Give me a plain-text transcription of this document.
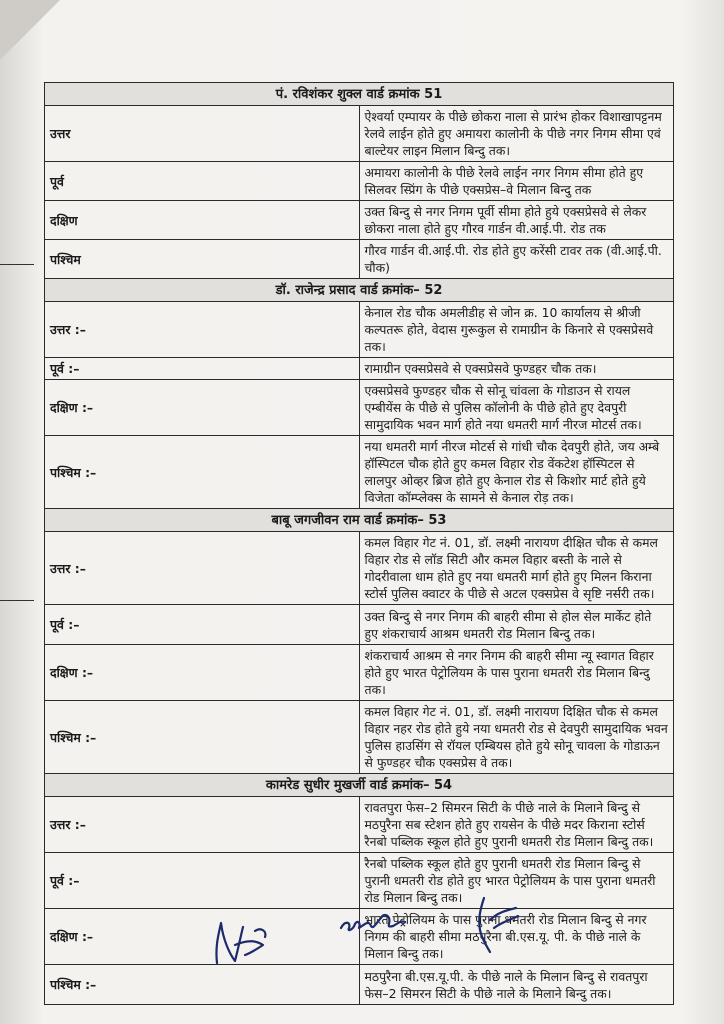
पं. रविशंकर शुक्ल वार्ड क्रमांक 51	
उत्तर	ऐश्वर्या एम्पायर के पीछे छोकरा नाला से प्रारंभ होकर विशाखापट्टनम रेलवे लाईन होते हुए अमायरा कालोनी के पीछे नगर निगम सीमा एवं बाल्टेयर लाइन मिलान बिन्दु तक।
पूर्व	अमायरा कालोनी के पीछे रेलवे लाईन नगर निगम सीमा होते हुए सिलवर स्प्रिंग के पीछे एक्सप्रेस–वे मिलान बिन्दु तक
दक्षिण	उक्त बिन्दु से नगर निगम पूर्वी सीमा होते हुये एक्सप्रेसवे से लेकर छोकरा नाला होते हुए गौरव गार्डन वी.आई.पी. रोड तक
पश्चिम	गौरव गार्डन वी.आई.पी. रोड होते हुए करेंसी टावर तक (वी.आई.पी. चौक)
डॉ. राजेन्द्र प्रसाद वार्ड क्रमांक– 52	
उत्तर :–	केनाल रोड चौक अमलीडीह से जोन क्र. 10 कार्यालय से श्रीजी कल्पतरू होते, वेदास गुरूकुल से रामाग्रीन के किनारे से एक्सप्रेसवे तक।
पूर्व :–	रामाग्रीन एक्सप्रेसवे से एक्सप्रेसवे फुण्डहर चौक तक।
दक्षिण :–	एक्सप्रेसवे फुण्डहर चौक से सोनू चांवला के गोडाउन से रायल एम्बीयेंस के पीछे से पुलिस कॉलोनी के पीछे होते हुए देवपुरी सामुदायिक भवन मार्ग होते नया धमतरी मार्ग नीरज मोटर्स तक।
पश्चिम :–	नया धमतरी मार्ग नीरज मोटर्स से गांधी चौक देवपुरी होते, जय अम्बे हॉस्पिटल चौक होते हुए कमल विहार रोड वेंकटेश हॉस्पिटल से लालपुर ओव्हर ब्रिज होते हुए केनाल रोड से किशोर मार्ट होते हुये विजेता कॉम्प्लेक्स के सामने से केनाल रोड़ तक।
बाबू जगजीवन राम वार्ड क्रमांक– 53	
उत्तर :–	कमल विहार गेट नं. 01, डॉ. लक्ष्मी नारायण दीक्षित चौक से कमल विहार रोड से लॉड सिटी और कमल विहार बस्ती के नाले से गोदरीवाला धाम होते हुए नया धमतरी मार्ग होते हुए मिलन किराना स्टोर्स पुलिस क्वाटर के पीछे से अटल एक्सप्रेस वे सृष्टि नर्सरी तक।
पूर्व :–	उक्त बिन्दु से नगर निगम की बाहरी सीमा से होल सेल मार्केट होते हुए शंकराचार्य आश्रम धमतरी रोड मिलान बिन्दु तक।
दक्षिण :–	शंकराचार्य आश्रम से नगर निगम की बाहरी सीमा न्यू स्वागत विहार होते हुए भारत पेट्रोलियम के पास पुराना धमतरी रोड मिलान बिन्दु तक।
पश्चिम :–	कमल विहार गेट नं. 01, डॉ. लक्ष्मी नारायण दिक्षित चौक से कमल विहार नहर रोड होते हुये नया धमतरी रोड से देवपुरी सामुदायिक भवन पुलिस हाउसिंग से रॉयल एम्बियस होते हुये सोनू चावला के गोडाऊन से फुण्डहर चौक एक्सप्रेस वे तक।
कामरेड सुधीर मुखर्जी वार्ड क्रमांक– 54	
उत्तर :–	रावतपुरा फेस–2 सिमरन सिटी के पीछे नाले के मिलाने बिन्दु से मठपुरैना सब स्टेशन होते हुए रायसेन के पीछे मदर किराना स्टोर्स रैनबो पब्लिक स्कूल होते हुए पुरानी धमतरी रोड मिलान बिन्दु तक।
पूर्व :–	रैनबो पब्लिक स्कूल होते हुए पुरानी धमतरी रोड मिलान बिन्दु से पुरानी धमतरी रोड होते हुए भारत पेट्रोलियम के पास पुराना धमतरी रोड मिलान बिन्दु तक।
दक्षिण :–	भारत पेट्रोलियम के पास पुराना धमतरी रोड मिलान बिन्दु से नगर निगम की बाहरी सीमा मठपुरैना बी.एस.यू. पी. के पीछे नाले के मिलान बिन्दु तक।
पश्चिम :–	मठपुरैना बी.एस.यू.पी. के पीछे नाले के मिलान बिन्दु से रावतपुरा फेस–2 सिमरन सिटी के पीछे नाले के मिलाने बिन्दु तक।
